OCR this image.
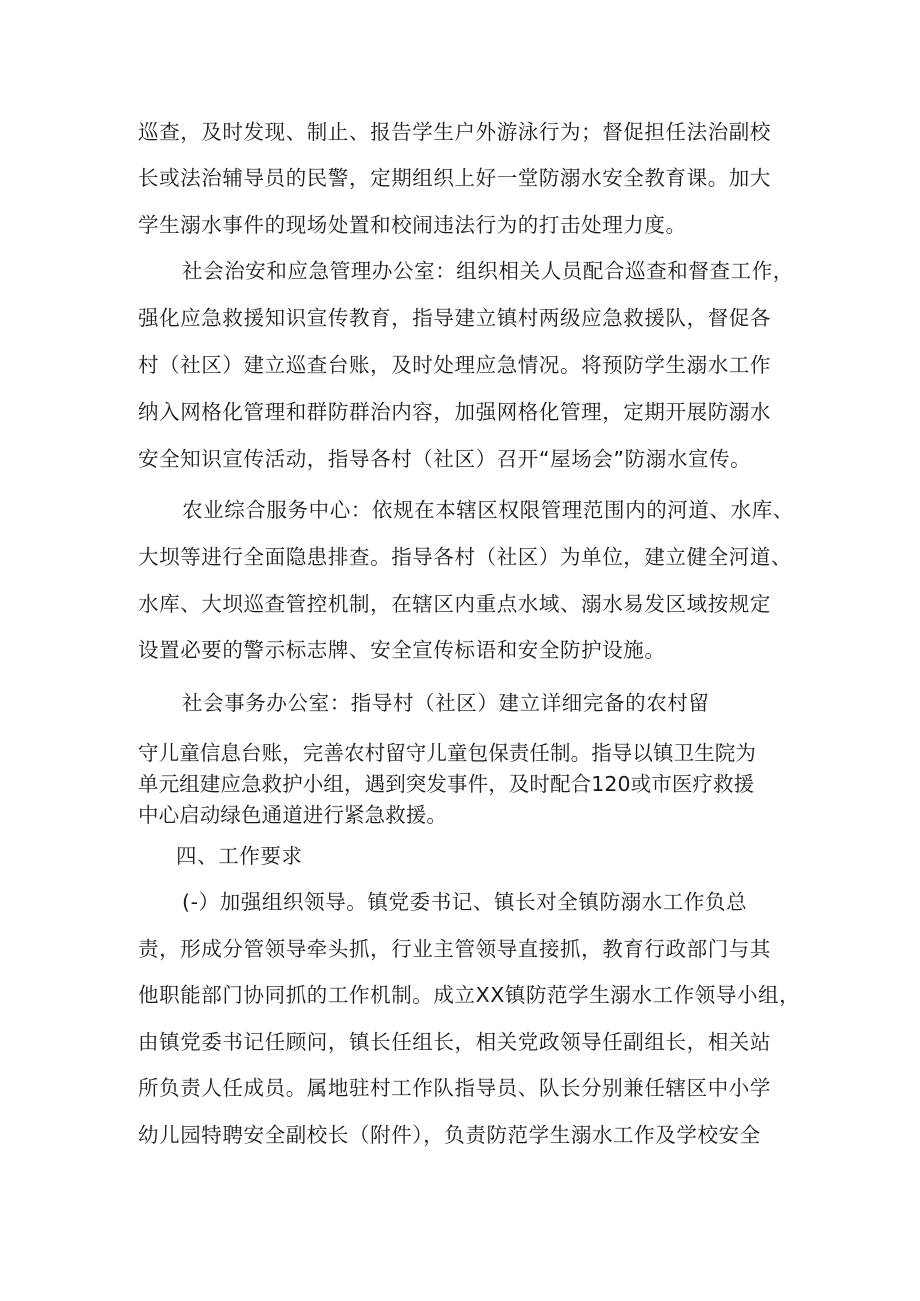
巡查，及时发现、制止、报告学生户外游泳行为；督促担任法治副校
长或法治辅导员的民警，定期组织上好一堂防溺水安全教育课。加大
学生溺水事件的现场处置和校闹违法行为的打击处理力度。
社会治安和应急管理办公室：组织相关人员配合巡查和督查工作，
强化应急救援知识宣传教育，指导建立镇村两级应急救援队，督促各
村（社区）建立巡查台账，及时处理应急情况。将预防学生溺水工作
纳入网格化管理和群防群治内容，加强网格化管理，定期开展防溺水
安全知识宣传活动，指导各村（社区）召开“屋场会”防溺水宣传。
农业综合服务中心：依规在本辖区权限管理范围内的河道、水库、
大坝等进行全面隐患排查。指导各村（社区）为单位，建立健全河道、
水库、大坝巡查管控机制，在辖区内重点水域、溺水易发区域按规定
设置必要的警示标志牌、安全宣传标语和安全防护设施。
社会事务办公室：指导村（社区）建立详细完备的农村留
守儿童信息台账，完善农村留守儿童包保责任制。指导以镇卫生院为
单元组建应急救护小组，遇到突发事件，及时配合120或市医疗救援
中心启动绿色通道进行紧急救援。
四、工作要求
(-）加强组织领导。镇党委书记、镇长对全镇防溺水工作负总
责，形成分管领导牵头抓，行业主管领导直接抓，教育行政部门与其
他职能部门协同抓的工作机制。成立XX镇防范学生溺水工作领导小组，
由镇党委书记任顾问，镇长任组长，相关党政领导任副组长，相关站
所负责人任成员。属地驻村工作队指导员、队长分别兼任辖区中小学
幼儿园特聘安全副校长（附件），负责防范学生溺水工作及学校安全
